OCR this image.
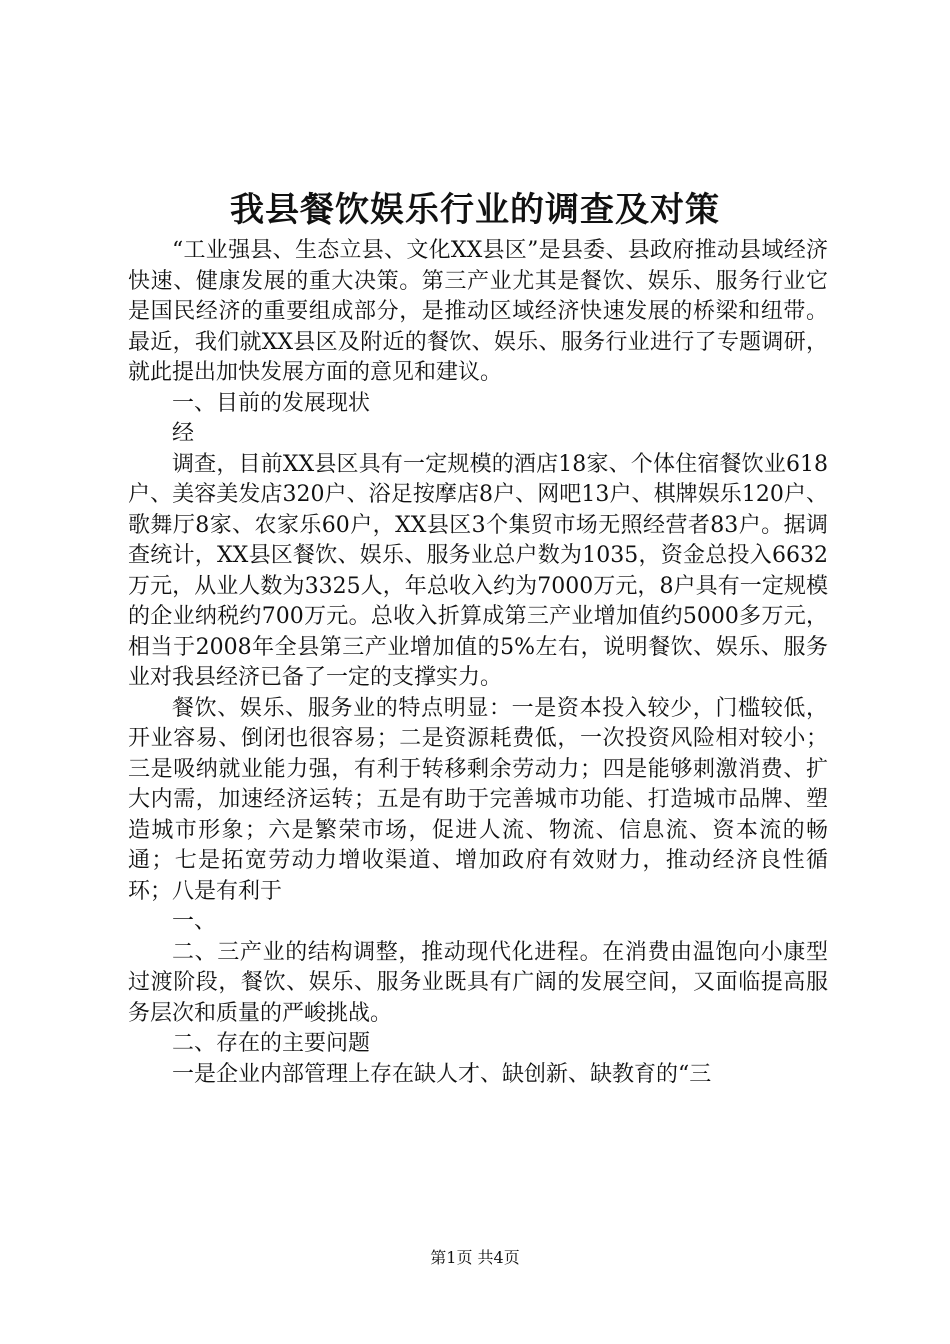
我县餐饮娱乐行业的调查及对策

“工业强县、生态立县、文化XX县区”是县委、县政府推动县域经济快速、健康发展的重大决策。第三产业尤其是餐饮、娱乐、服务行业它是国民经济的重要组成部分，是推动区域经济快速发展的桥梁和纽带。最近，我们就XX县区及附近的餐饮、娱乐、服务行业进行了专题调研，就此提出加快发展方面的意见和建议。

一、目前的发展现状

经

调查，目前XX县区具有一定规模的酒店18家、个体住宿餐饮业618户、美容美发店320户、浴足按摩店8户、网吧13户、棋牌娱乐120户、歌舞厅8家、农家乐60户，XX县区3个集贸市场无照经营者83户。据调查统计，XX县区餐饮、娱乐、服务业总户数为1035，资金总投入6632万元，从业人数为3325人，年总收入约为7000万元，8户具有一定规模的企业纳税约700万元。总收入折算成第三产业增加值约5000多万元，相当于2008年全县第三产业增加值的5%左右，说明餐饮、娱乐、服务业对我县经济已备了一定的支撑实力。

餐饮、娱乐、服务业的特点明显：一是资本投入较少，门槛较低，开业容易、倒闭也很容易；二是资源耗费低，一次投资风险相对较小；三是吸纳就业能力强，有利于转移剩余劳动力；四是能够刺激消费、扩大内需，加速经济运转；五是有助于完善城市功能、打造城市品牌、塑造城市形象；六是繁荣市场，促进人流、物流、信息流、资本流的畅通；七是拓宽劳动力增收渠道、增加政府有效财力，推动经济良性循环；八是有利于

一、

二、三产业的结构调整，推动现代化进程。在消费由温饱向小康型过渡阶段，餐饮、娱乐、服务业既具有广阔的发展空间，又面临提高服务层次和质量的严峻挑战。

二、存在的主要问题

一是企业内部管理上存在缺人才、缺创新、缺教育的“三

第1页 共4页
